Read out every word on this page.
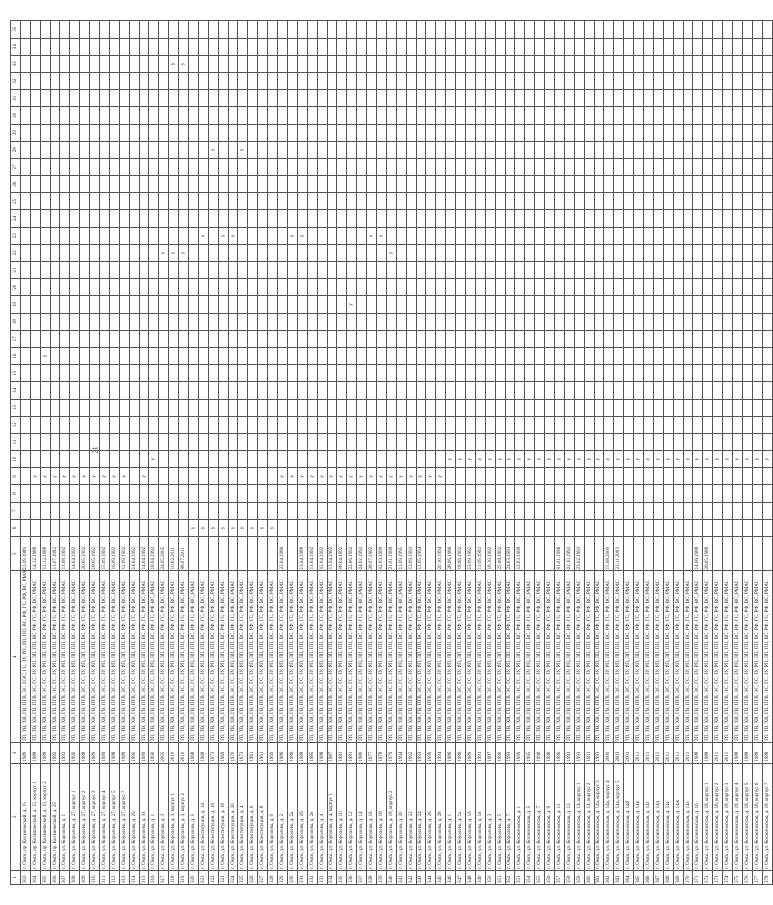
21
1	2	3	4	5	6	7	8	9	10	11	12	13	14	15	16	17	18	19	20	21	22	23	24	25	26	27	28	29	30	31	32	33	34	35
303	г. Омск, пр. Космический, д. 15	1989	ТП, ТВ, ХВ, ГВ, ПГВ, ЭС, ПЭС, ГС, ЗУ, РП, ЛП, ПП, ВС, РФ, ГС, РФ, ВС, РМАС	11.09.1989																														
304	г. Омск, пр. Космический, д. 15, корпус 1	1988	ТП, ТВ, ХВ, ГВ, ПГВ, ЭС, ГС, ЗУ, РП, ЛП, ПП, ВС, РФ, ГС, РФ, ВС, РМАС	14.12.1988				у																										
305	г. Омск, пр. Космический, д. 15, корпус 2	1988	ТП, ТВ, ХВ, ГВ, ПГВ, ЭС, ГС, ЗУ, РП, ЛП, ПП, ВС, РФ, ГС, РФ, ВС, РМАС	13.12.1988				у							у																			
306	г. Омск, пр. Космический, д. 25	1992	ТП, ТВ, ХВ, ГВ, ПГВ, ЭС, ГС, ЗУ, РП, ЛП, ПП, ВС, РФ, ГС, РФ, ВС, РМАС	11.07.1992				у																										
307	г. Омск, ул. Королева, д. 1	1992	ТП, ТВ, ХВ, ГВ, ПГВ, ЭС, ГС, ЗУ, РП, ЛП, ПП, ВС, РФ, ГС, РФ, ВС, РМАС	13.08.1992				у																										
308	г. Омск, ул. Королева, д. 27, корпус 1	1990	ТП, ТВ, ХВ, ГВ, ПГВ, ЭС, ГС, ЗУ, РП, ЛП, ПП, ВС, РФ, ГС, РФ, ВС, РМАС	14.04.1992				у																										
309	г. Омск, ул. Королева, д. 27, корпус 2	1988	ТП, ТВ, ХВ, ГВ, ПГВ, ЭС, ГС, ЗУ, РП, ЛП, ПП, ВС, РФ, ГС, РФ, ВС, РМАС	20.05.1992				у																										
310	г. Омск, ул. Королева, д. 27, корпус 3	1989	ТП, ТВ, ХВ, ГВ, ПГВ, ЭС, ГС, ЗУ, РП, ЛП, ПП, ВС, РФ, ГС, РФ, ВС, РМАС	18.05.1992				у																										
311	г. Омск, ул. Королева, д. 27, корпус 4	1989	ТП, ТВ, ХВ, ГВ, ПГВ, ЭС, ГС, ЗУ, РП, ЛП, ПП, ВС, РФ, ГС, РФ, ВС, РМАС	15.09.1992				у																										
312	г. Омск, ул. Королева, д. 27, корпус 5	1988	ТП, ТВ, ХВ, ГВ, ПГВ, ЭС, ГС, ЗУ, РП, ЛП, ПП, ВС, РФ, ГС, РФ, ВС, РМАС	16.09.1992				у																										
313	г. Омск, ул. Королева, д. 27, корпус 7	1989	ТП, ТВ, ХВ, ГВ, ПГВ, ЭС, ГС, ЗУ, РП, ЛП, ПП, ВС, РФ, ГС, РФ, ВС, РМАС	12.09.1992				у																										
314	г. Омск, ул. Королева, д. 29	1990	ТП, ТВ, ХВ, ГВ, ПГВ, ЭС, ГС, ЗУ, РП, ЛП, ПП, ВС, РФ, ГС, РФ, ВС, РМАС	14.04.1992																														
315	г. Омск, ул. Королева, д. 31	1989	ТП, ТВ, ХВ, ГВ, ПГВ, ЭС, ГС, ЗУ, РП, ЛП, ПП, ВС, РФ, ГС, РФ, ВС, РМАС	14.04.1992				у																										
316	г. Омск, ул. Королева, д. 1	1990	ТП, ТВ, ХВ, ГВ, ПГВ, ЭС, ГС, ЗУ, РП, ЛП, ПП, ВС, РФ, ГС, РФ, ВС, РМАС	18.04.1992					у																									
317	г. Омск, ул. Королева, д. 3	2005	ТП, ТВ, ХВ, ГВ, ПГВ, ЭС, ГС, ЗУ, РП, ЛП, ПП, ВС, РФ, ГС, РФ, ВС, РМАС	24.05.2005																	у													
318	г. Омск, ул. Королева, д. 3, корпус 1	2010	ТП, ТВ, ХВ, ГВ, ПГВ, ЭС, ГС, ЗУ, РП, ЛП, ПП, ВС, РФ, ГС, РФ, ВС, РМАС	10.02.2011																	у											у		
319	г. Омск, ул. Королева, д. 3, корпус 2	2010	ТП, ТВ, ХВ, ГВ, ПГВ, ЭС, ГС, ЗУ, РП, ЛП, ПП, ВС, РФ, ГС, РФ, ВС, РМАС	08.07.2011																	у											у		
320	г. Омск, ул. Королева, д. 5	1968	ТП, ТВ, ХВ, ГВ, ПГВ, ЭС, ГС, ЗУ, РП, ЛП, ПП, ВС, РФ, ГС, РФ, ВС, РМАС		у																													
321	г. Омск, ул. Конституции, д. 14	1968	ТП, ТВ, ХВ, ГВ, ПГВ, ЭС, ГС, ЗУ, РП, ЛП, ПП, ВС, РФ, ГС, РФ, ВС, РМАС		у																	у												
322	г. Омск, ул. Конституции, д. 16	1973	ТП, ТВ, ХВ, ГВ, ПГВ, ЭС, ГС, ЗУ, РП, ЛП, ПП, ВС, РФ, ГС, РФ, ВС, РМАС		у																						у							
323	г. Омск, ул. Конституции, д. 18	1969	ТП, ТВ, ХВ, ГВ, ПГВ, ЭС, ГС, ЗУ, РП, ЛП, ПП, ВС, РФ, ГС, РФ, ВС, РМАС		у																	у												
324	г. Омск, ул. Конституции, д. 20	1970	ТП, ТВ, ХВ, ГВ, ПГВ, ЭС, ГС, ЗУ, РП, ЛП, ПП, ВС, РФ, ГС, РФ, ВС, РМАС		у																	у												
325	г. Омск, ул. Конституции, д. 4	1973	ТП, ТВ, ХВ, ГВ, ПГВ, ЭС, ГС, ЗУ, РП, ЛП, ПП, ВС, РФ, ГС, РФ, ВС, РМАС		у																						у							
326	г. Омск, ул. Конституции, д. 6	1961	ТП, ТВ, ХВ, ГВ, ПГВ, ЭС, ГС, ЗУ, РП, ЛП, ПП, ВС, РФ, ГС, РФ, ВС, РМАС		у																													
327	г. Омск, ул. Конституции, д. 8	1961	ТП, ТВ, ХВ, ГВ, ПГВ, ЭС, ГС, ЗУ, РП, ЛП, ПП, ВС, РФ, ГС, РФ, ВС, РМАС		у																													
328	г. Омск, ул. Королева, д. 9	1969	ТП, ТВ, ХВ, ГВ, ПГВ, ЭС, ГС, ЗУ, РП, ЛП, ПП, ВС, РФ, ГС, РФ, ВС, РМАС		у																													
329	г. Омск, ул. Королева, д. 2	1986	ТП, ТВ, ХВ, ГВ, ПГВ, ЭС, ГС, ЗУ, РП, ЛП, ПП, ВС, РФ, ГС, РФ, ВС, РМАС	22.04.1986				у																										
330	г. Омск, ул. Королева, д. 2а	1986	ТП, ТВ, ХВ, ГВ, ПГВ, ЭС, ГС, ЗУ, РП, ЛП, ПП, ВС, РФ, ГС, РФ, ВС, РМАС					у														у												
331	г. Омск, ул. Королева, д. 2б	1988	ТП, ТВ, ХВ, ГВ, ПГВ, ЭС, ГС, ЗУ, РП, ЛП, ПП, ВС, РФ, ГС, РФ, ВС, РМАС	13.04.1988				у														у												
332	г. Омск, ул. Королева, д. 2в	1985	ТП, ТВ, ХВ, ГВ, ПГВ, ЭС, ГС, ЗУ, РП, ЛП, ПП, ВС, РФ, ГС, РФ, ВС, РМАС	13.04.1992				у																										
333	г. Омск, ул. Королева, д. 4	1988	ТП, ТВ, ХВ, ГВ, ПГВ, ЭС, ГС, ЗУ, РП, ЛП, ПП, ВС, РФ, ГС, РФ, ВС, РМАС	02.04.1992				у																										
334	г. Омск, ул. Королева, д. 4, корпус 1	1987	ТП, ТВ, ХВ, ГВ, ПГВ, ЭС, ГС, ЗУ, РП, ЛП, ПП, ВС, РФ, ГС, РФ, ВС, РМАС	13.04.1992				у																										
335	г. Омск, ул. Королева, д. 10	1983	ТП, ТВ, ХВ, ГВ, ПГВ, ЭС, ГС, ЗУ, РП, ЛП, ПП, ВС, РФ, ГС, РФ, ВС, РМАС	08.04.1992				у																										
336	г. Омск, ул. Королева, д. 12	1981	ТП, ТВ, ХВ, ГВ, ПГВ, ЭС, ГС, ЗУ, РП, ЛП, ПП, ВС, РФ, ГС, РФ, ВС, РМАС	22.06.1992				у										у																
337	г. Омск, ул. Королева, д. 14	1980	ТП, ТВ, ХВ, ГВ, ПГВ, ЭС, ГС, ЗУ, РП, ЛП, ПП, ВС, РФ, ГС, РФ, ВС, РМАС	04.02.1992				у																										
338	г. Омск, ул. Королева, д. 16	1977	ТП, ТВ, ХВ, ГВ, ПГВ, ЭС, ГС, ЗУ, РП, ЛП, ПП, ВС, РФ, ГС, РФ, ВС, РМАС	28.07.1992				у														у												
339	г. Омск, ул. Королева, д. 18	1978	ТП, ТВ, ХВ, ГВ, ПГВ, ЭС, ГС, ЗУ, РП, ЛП, ПП, ВС, РФ, ГС, РФ, ВС, РМАС	02.03.1999				у														у												
340	г. Омск, ул. Королева, д. 18, корпус 2	1979	ТП, ТВ, ХВ, ГВ, ПГВ, ЭС, ГС, ЗУ, РП, ЛП, ПП, ВС, РФ, ГС, РФ, ВС, РМАС	21.01.1999				у													у													
341	г. Омск, ул. Королева, д. 20	1994	ТП, ТВ, ХВ, ГВ, ПГВ, ЭС, ГС, ЗУ, РП, ЛП, ПП, ВС, РФ, ГС, РФ, ВС, РМАС	13.09.1995				у																										
342	г. Омск, ул. Королева, д. 22	1992	ТП, ТВ, ХВ, ГВ, ПГВ, ЭС, ГС, ЗУ, РП, ЛП, ПП, ВС, РФ, ГС, РФ, ВС, РМАС	13.09.1993				у																										
343	г. Омск, ул. Королева, д. 24	1993	ТП, ТВ, ХВ, ГВ, ПГВ, ЭС, ГС, ЗУ, РП, ЛП, ПП, ВС, РФ, ГС, РФ, ВС, РМАС	12.05.1994				у																										
344	г. Омск, ул. Королева, д. 26	1999	ТП, ТВ, ХВ, ГВ, ПГВ, ЭС, ГС, ЗУ, РП, ЛП, ПП, ВС, РФ, ГС, РФ, ВС, РМАС					у																										
345	г. Омск, ул. Королева, д. 28	1994	ТП, ТВ, ХВ, ГВ, ПГВ, ЭС, ГС, ЗУ, РП, ЛП, ПП, ВС, РФ, ГС, РФ, ВС, РМАС	20.10.1994				у																										
346	г. Омск, ул. Королева, д. 1	1986	ТП, ТВ, ХВ, ГВ, ПГВ, ЭС, ГС, ЗУ, РП, ЛП, ПП, ВС, РФ, ГС, РФ, ВС, РМАС	28.06.1986					у																									
347	г. Омск, ул. Королева, д. 1а	1986	ТП, ТВ, ХВ, ГВ, ПГВ, ЭС, ГС, ЗУ, РП, ЛП, ПП, ВС, РФ, ГС, РФ, ВС, РМАС	18.06.1992					у																									
348	г. Омск, ул. Королева, д. 1б	1989	ТП, ТВ, ХВ, ГВ, ПГВ, ЭС, ГС, ЗУ, РП, ЛП, ПП, ВС, РФ, ГС, РФ, ВС, РМАС	13.09.1992					у																									
349	г. Омск, ул. Королева, д. 1в	1991	ТП, ТВ, ХВ, ГВ, ПГВ, ЭС, ГС, ЗУ, РП, ЛП, ПП, ВС, РФ, ГС, РФ, ВС, РМАС	11.09.1992					у																									
350	г. Омск, ул. Королева, д. 3	1987	ТП, ТВ, ХВ, ГВ, ПГВ, ЭС, ГС, ЗУ, РП, ЛП, ПП, ВС, РФ, ГС, РФ, ВС, РМАС	18.10.1992					у																									
351	г. Омск, ул. Королева, д. 5	1990	ТП, ТВ, ХВ, ГВ, ПГВ, ЭС, ГС, ЗУ, РП, ЛП, ПП, ВС, РФ, ГС, РФ, ВС, РМАС	25.08.1992					у																									
352	г. Омск, ул. Королева, д. 7	1993	ТП, ТВ, ХВ, ГВ, ПГВ, ЭС, ГС, ЗУ, РП, ЛП, ПП, ВС, РФ, ГС, РФ, ВС, РМАС	24.03.1993					у																									
353	г. Омск, ул. Космическая, д. 1	1999	ТП, ТВ, ХВ, ГВ, ПГВ, ЭС, ГС, ЗУ, РП, ЛП, ПП, ВС, РФ, ГС, РФ, ВС, РМАС	12.03.1999					у																									
354	г. Омск, ул. Космическая, д. 5	1995	ТП, ТВ, ХВ, ГВ, ПГВ, ЭС, ГС, ЗУ, РП, ЛП, ПП, ВС, РФ, ГС, РФ, ВС, РМАС						у																									
355	г. Омск, ул. Космическая, д. 7	1996	ТП, ТВ, ХВ, ГВ, ПГВ, ЭС, ГС, ЗУ, РП, ЛП, ПП, ВС, РФ, ГС, РФ, ВС, РМАС						у																									
356	г. Омск, ул. Космическая, д. 9	1996	ТП, ТВ, ХВ, ГВ, ПГВ, ЭС, ГС, ЗУ, РП, ЛП, ПП, ВС, РФ, ГС, РФ, ВС, РМАС						у																									
357	г. Омск, ул. Космическая, д. 11	1996	ТП, ТВ, ХВ, ГВ, ПГВ, ЭС, ГС, ЗУ, РП, ЛП, ПП, ВС, РФ, ГС, РФ, ВС, РМАС	01.01.1996					у																									
358	г. Омск, ул. Космическая, д. 13	1992	ТП, ТВ, ХВ, ГВ, ПГВ, ЭС, ГС, ЗУ, РП, ЛП, ПП, ВС, РФ, ГС, РФ, ВС, РМАС	02.10.1992					у																									
359	г. Омск, ул. Космическая, д. 14, корпус 1	1993	ТП, ТВ, ХВ, ГВ, ПГВ, ЭС, ГС, ЗУ, РП, ЛП, ПП, ВС, РФ, ГС, РФ, ВС, РМАС	23.02.1993					у																									
360	г. Омск, ул. Космическая, д. 14, корпус 2	1991	ТП, ТВ, ХВ, ГВ, ПГВ, ЭС, ГС, ЗУ, РП, ЛП, ПП, ВС, РФ, ГС, РФ, ВС, РМАС						у																									
361	г. Омск, ул. Космическая, д. 14а, корпус 3	1993	ТП, ТВ, ХВ, ГВ, ПГВ, ЭС, ГС, ЗУ, РП, ЛП, ПП, ВС, РФ, ГС, РФ, ВС, РМАС						у																									
362	г. Омск, ул. Космическая, д. 14а, корпус 4	2000	ТП, ТВ, ХВ, ГВ, ПГВ, ЭС, ГС, ЗУ, РП, ЛП, ПП, ВС, РФ, ГС, РФ, ВС, РМАС	15.08.2000					у																									
363	г. Омск, ул. Космическая, д. 14а, корпус 5	2003	ТП, ТВ, ХВ, ГВ, ПГВ, ЭС, ГС, ЗУ, РП, ЛП, ПП, ВС, РФ, ГС, РФ, ВС, РМАС	23.11.2003					у																									
364	г. Омск, ул. Космическая, д. 14б	2003	ТП, ТВ, ХВ, ГВ, ПГВ, ЭС, ГС, ЗУ, РП, ЛП, ПП, ВС, РФ, ГС, РФ, ВС, РМАС						у																									
365	г. Омск, ул. Космическая, д. 14в	2011	ТП, ТВ, ХВ, ГВ, ПГВ, ЭС, ГС, ЗУ, РП, ЛП, ПП, ВС, РФ, ГС, РФ, ВС, РМАС						у																									
366	г. Омск, ул. Космическая, д. 14г	2011	ТП, ТВ, ХВ, ГВ, ПГВ, ЭС, ГС, ЗУ, РП, ЛП, ПП, ВС, РФ, ГС, РФ, ВС, РМАС						у																									
367	г. Омск, ул. Космическая, д. 14д	2011	ТП, ТВ, ХВ, ГВ, ПГВ, ЭС, ГС, ЗУ, РП, ЛП, ПП, ВС, РФ, ГС, РФ, ВС, РМАС						у																									
368	г. Омск, ул. Космическая, д. 14е	2011	ТП, ТВ, ХВ, ГВ, ПГВ, ЭС, ГС, ЗУ, РП, ЛП, ПП, ВС, РФ, ГС, РФ, ВС, РМАС						у																									
369	г. Омск, ул. Космическая, д. 14ж	2011	ТП, ТВ, ХВ, ГВ, ПГВ, ЭС, ГС, ЗУ, РП, ЛП, ПП, ВС, РФ, ГС, РФ, ВС, РМАС						у																									
370	г. Омск, ул. Космическая, д. 14з	2011	ТП, ТВ, ХВ, ГВ, ПГВ, ЭС, ГС, ЗУ, РП, ЛП, ПП, ВС, РФ, ГС, РФ, ВС, РМАС						у																									
371	г. Омск, ул. Космическая, д. 16	1988	ТП, ТВ, ХВ, ГВ, ПГВ, ЭС, ГС, ЗУ, РП, ЛП, ПП, ВС, РФ, ГС, РФ, ВС, РМАС	14.06.1988					у																									
372	г. Омск, ул. Космическая, д. 18, корпус 1	1988	ТП, ТВ, ХВ, ГВ, ПГВ, ЭС, ГС, ЗУ, РП, ЛП, ПП, ВС, РФ, ГС, РФ, ВС, РМАС	26.05.1988					у																									
373	г. Омск, ул. Космическая, д. 18, корпус 2	2011	ТП, ТВ, ХВ, ГВ, ПГВ, ЭС, ГС, ЗУ, РП, ЛП, ПП, ВС, РФ, ГС, РФ, ВС, РМАС						у																									
374	г. Омск, ул. Космическая, д. 18, корпус 3	2011	ТП, ТВ, ХВ, ГВ, ПГВ, ЭС, ГС, ЗУ, РП, ЛП, ПП, ВС, РФ, ГС, РФ, ВС, РМАС						у																									
375	г. Омск, ул. Космическая, д. 18, корпус 4	1988	ТП, ТВ, ХВ, ГВ, ПГВ, ЭС, ГС, ЗУ, РП, ЛП, ПП, ВС, РФ, ГС, РФ, ВС, РМАС						у																									
376	г. Омск, ул. Космическая, д. 18, корпус 5	1988	ТП, ТВ, ХВ, ГВ, ПГВ, ЭС, ГС, ЗУ, РП, ЛП, ПП, ВС, РФ, ГС, РФ, ВС, РМАС						у																									
377	г. Омск, ул. Космическая, д. 18, корпус 6	1988	ТП, ТВ, ХВ, ГВ, ПГВ, ЭС, ГС, ЗУ, РП, ЛП, ПП, ВС, РФ, ГС, РФ, ВС, РМАС						у																									
378	г. Омск, ул. Космическая, д. 18, корпус 7	1988	ТП, ТВ, ХВ, ГВ, ПГВ, ЭС, ГС, ЗУ, РП, ЛП, ПП, ВС, РФ, ГС, РФ, ВС, РМАС						у																									
